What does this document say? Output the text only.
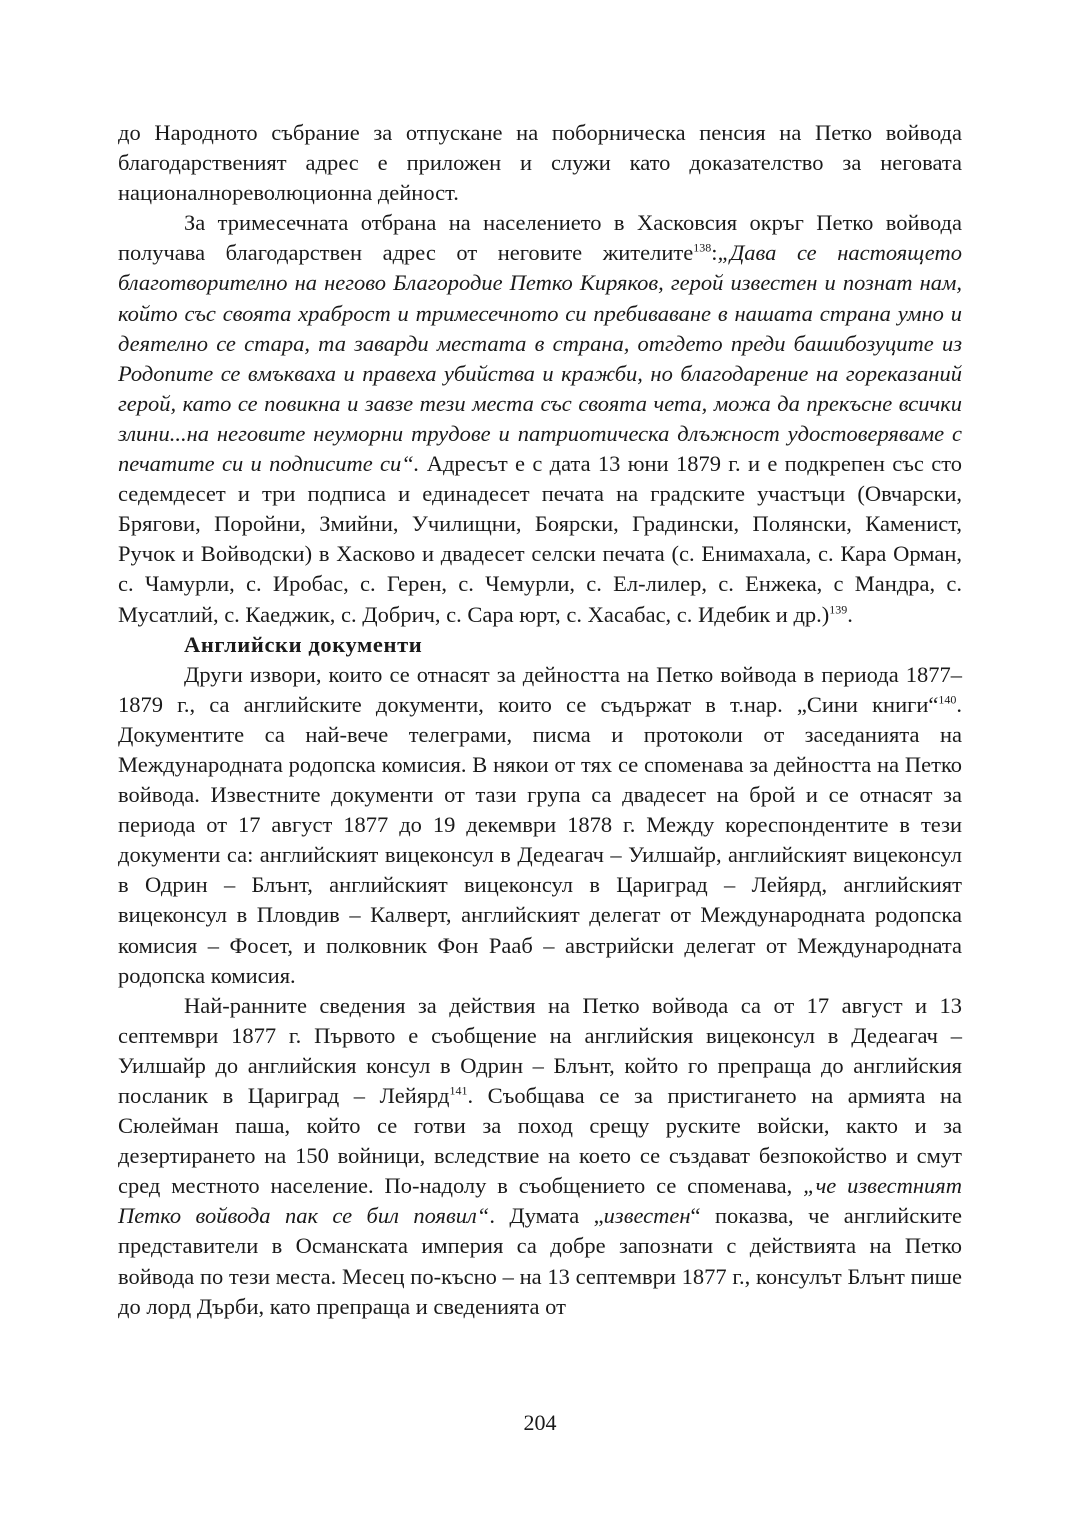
до Народното събрание за отпускане на поборническа пенсия на Петко войвода благодарственият адрес е приложен и служи като доказателство за неговата националнореволюционна дейност.

За тримесечната отбрана на населението в Хасковсия окръг Петко войвода получава благодарствен адрес от неговите жителите$^{138}$:„Дава се настоящето благотворително на негово Благородие Петко Киряков, герой известен и познат нам, който със своята храброст и тримесечното си пребиваване в нашата страна умно и деятелно се стара, та заварди местата в страна, отгдето преди башибозуците из Родопите се вмъкваха и правеха убийства и кражби, но благодарение на гореказаний герой, като се повикна и завзе тези места със своята чета, можа да прекъсне всички злини...на неговите неуморни трудове и патриотическа длъжност удостоверяваме с печатите си и подписите си“. Адресът е с дата 13 юни 1879 г. и е подкрепен със сто седемдесет и три подписа и единадесет печата на градските участъци (Овчарски, Брягови, Поройни, Змийни, Училищни, Боярски, Градински, Полянски, Каменист, Ручок и Войводски) в Хасково и двадесет селски печата (с. Енимахала, с. Кара Орман, с. Чамурли, с. Иробас, с. Герен, с. Чемурли, с. Ел-лилер, с. Енжека, с Мандра, с. Мусатлий, с. Каеджик, с. Добрич, с. Сара юрт, с. Хасабас, с. Идебик и др.)$^{139}$.

Английски документи

Други извори, които се отнасят за дейността на Петко войвода в периода 1877–1879 г., са английските документи, които се съдържат в т.нар. „Сини книги“$^{140}$. Документите са най-вече телеграми, писма и протоколи от заседанията на Международната родопска комисия. В някои от тях се споменава за дейността на Петко войвода. Известните документи от тази група са двадесет на брой и се отнасят за периода от 17 август 1877 до 19 декември 1878 г. Между кореспондентите в тези документи са: английският вицеконсул в Дедеагач – Уилшайр, английският вицеконсул в Одрин – Блънт, английският вицеконсул в Цариград – Лейярд, английският вицеконсул в Пловдив – Калверт, английският делегат от Международната родопска комисия – Фосет, и полковник Фон Рааб – австрийски делегат от Международната родопска комисия.

Най-ранните сведения за действия на Петко войвода са от 17 август и 13 септември 1877 г. Първото е съобщение на английския вицеконсул в Дедеагач – Уилшайр до английския консул в Одрин – Блънт, който го препраща до английския посланик в Цариград – Лейярд$^{141}$. Съобщава се за пристигането на армията на Сюлейман паша, който се готви за поход срещу руските войски, както и за дезертирането на 150 войници, вследствие на което се създават безпокойство и смут сред местното население. По-надолу в съобщението се споменава, „че известният Петко войвода пак се бил появил“. Думата „известен“ показва, че английските представители в Османската империя са добре запознати с действията на Петко войвода по тези места. Месец по-късно – на 13 септември 1877 г., консулът Блънт пише до лорд Дърби, като препраща и сведенията от

204
